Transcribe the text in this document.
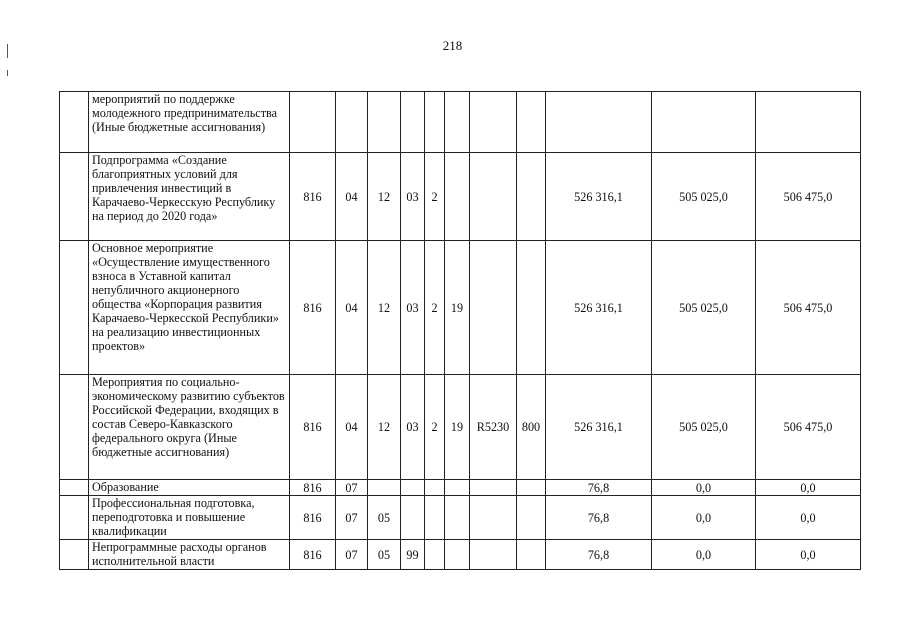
218
	мероприятий по поддержке молодежного предпринимательства (Иные бюджетные ассигнования)											
	Подпрограмма «Создание благоприятных условий для привлечения инвестиций в Карачаево-Черкесскую Республику на период до 2020 года»	816	04	12	03	2				526 316,1	505 025,0	506 475,0
	Основное мероприятие «Осуществление имущественного взноса в Уставной капитал непубличного акционерного общества «Корпорация развития Карачаево-Черкесской Республики» на реализацию инвестиционных проектов»	816	04	12	03	2	19			526 316,1	505 025,0	506 475,0
	Мероприятия по социально-экономическому развитию субъектов Российской Федерации, входящих в состав Северо-Кавказского федерального округа (Иные бюджетные ассигнования)	816	04	12	03	2	19	R5230	800	526 316,1	505 025,0	506 475,0
	Образование	816	07							76,8	0,0	0,0
	Профессиональная подготовка, переподготовка и повышение квалификации	816	07	05						76,8	0,0	0,0
	Непрограммные расходы органов исполнительной власти	816	07	05	99					76,8	0,0	0,0
